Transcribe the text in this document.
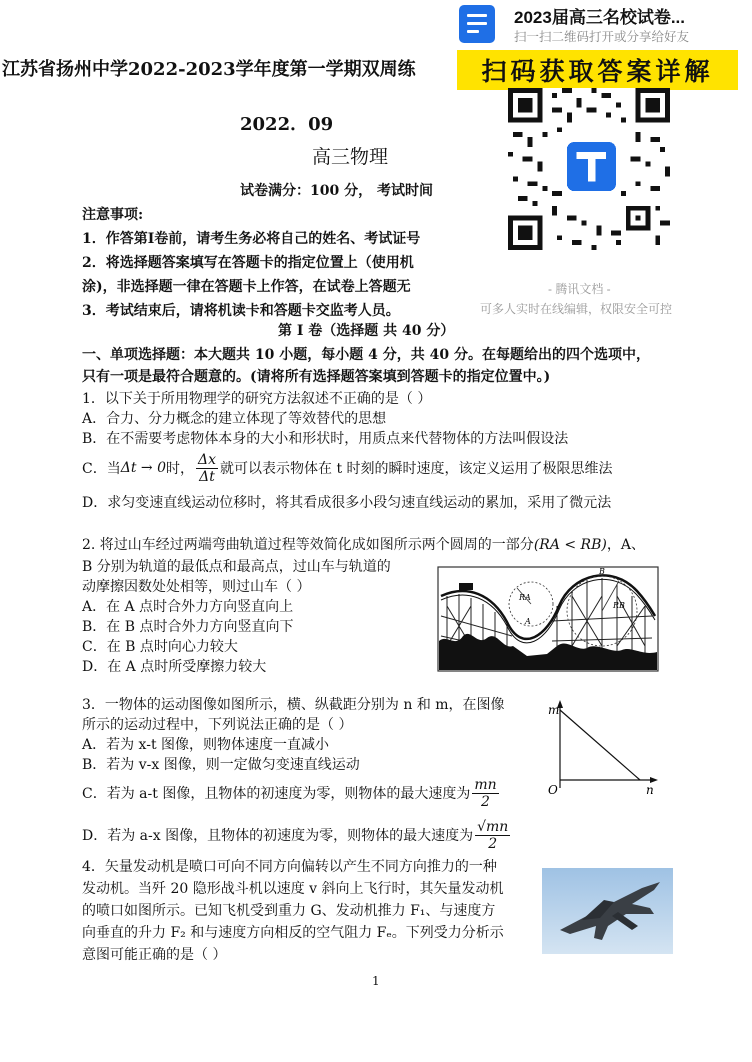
江苏省扬州中学2022-2023学年度第一学期双周练
2022．09
高三物理
试卷满分：100 分， 考试时间
注意事项:
1．作答第Ⅰ卷前，请考生务必将自己的姓名、考试证号
2．将选择题答案填写在答题卡的指定位置上（使用机
涂)，非选择题一律在答题卡上作答，在试卷上答题无
3．考试结束后，请将机读卡和答题卡交监考人员。
第 I 卷（选择题 共 40 分）
一、单项选择题：本大题共 10 小题，每小题 4 分，共 40 分。在每题给出的四个选项中，
只有一项是最符合题意的。(请将所有选择题答案填到答题卡的指定位置中。)
1．以下关于所用物理学的研究方法叙述不正确的是（ ）
A．合力、分力概念的建立体现了等效替代的思想
B．在不需要考虑物体本身的大小和形状时，用质点来代替物体的方法叫假设法
C．当 Δt → 0 时， $\frac{\Delta x}{\Delta t}$ 就可以表示物体在 t 时刻的瞬时速度，该定义运用了极限思维法
D．求匀变速直线运动位移时，将其看成很多小段匀速直线运动的累加，采用了微元法
2. 将过山车经过两端弯曲轨道过程等效简化成如图所示两个圆周的一部分(RA < RB)，A、
B 分别为轨道的最低点和最高点，过山车与轨道的
动摩擦因数处处相等，则过山车（ ）
A．在 A 点时合外力方向竖直向上
B．在 B 点时合外力方向竖直向下
C．在 B 点时向心力较大
D．在 A 点时所受摩擦力较大
RA
RB
A
B
3．一物体的运动图像如图所示，横、纵截距分别为 n 和 m，在图像
所示的运动过程中，下列说法正确的是（ ）
A．若为 x-t 图像，则物体速度一直减小
B．若为 v-x 图像，则一定做匀变速直线运动
C．若为 a-t 图像，且物体的初速度为零，则物体的最大速度为 $\frac{mn}{2}$
D．若为 a-x 图像，且物体的初速度为零，则物体的最大速度为 $\frac{√mn}{2}$
m
n
O
4．矢量发动机是喷口可向不同方向偏转以产生不同方向推力的一种
发动机。当歼 20 隐形战斗机以速度 v 斜向上飞行时，其矢量发动机
的喷口如图所示。已知飞机受到重力 G、发动机推力 F₁、与速度方
向垂直的升力 F₂ 和与速度方向相反的空气阻力 Fₑ。下列受力分析示
意图可能正确的是（ ）
2023届高三名校试卷...
扫一扫二维码打开或分享给好友
扫码获取答案详解
- 腾讯文档 -
可多人实时在线编辑，权限安全可控
1
